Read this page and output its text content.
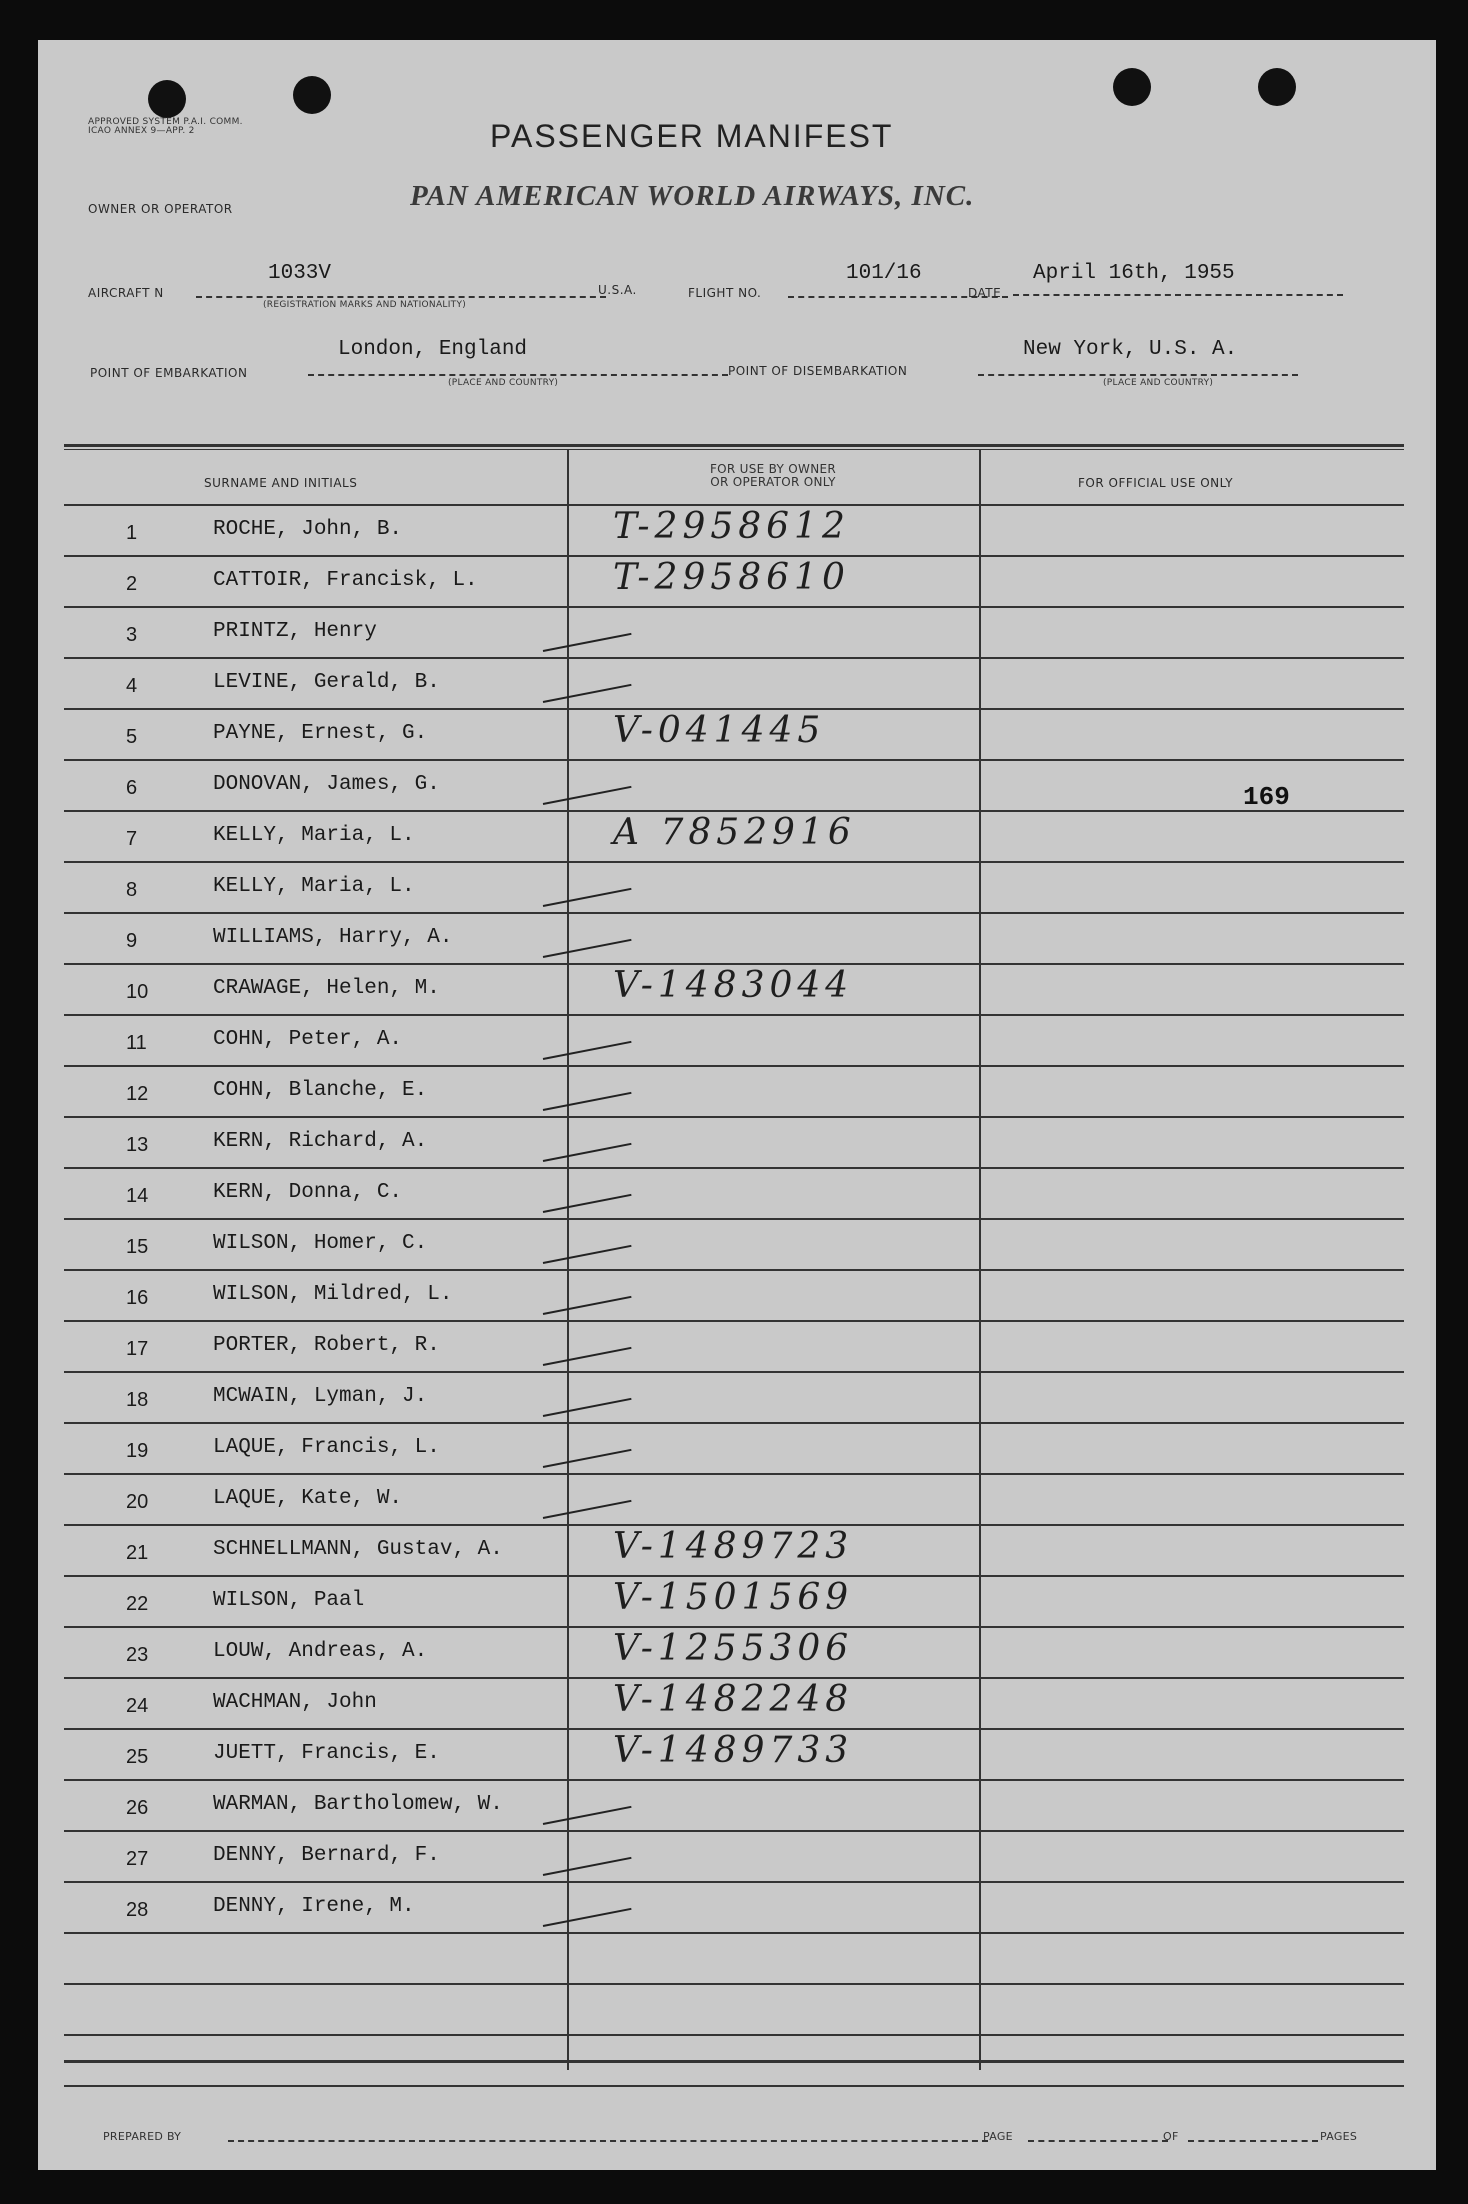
APPROVED SYSTEM P.A.I. COMM. ICAO ANNEX 9—APP. 2	PASSENGER MANIFEST
OWNER OR OPERATOR	PAN AMERICAN WORLD AIRWAYS, INC.
AIRCRAFT N
1033V
(REGISTRATION MARKS AND NATIONALITY)
U.S.A.	FLIGHT NO.
101/16
DATE
April 16th, 1955
POINT OF EMBARKATION
London, England
(PLACE AND COUNTRY)
POINT OF DISEMBARKATION
New York, U.S. A.
(PLACE AND COUNTRY)
SURNAME AND INITIALS
FOR USE BY OWNER
OR OPERATOR ONLY	FOR OFFICIAL USE ONLY
1	ROCHE, John, B.	T-2958612
2	CATTOIR, Francisk, L.	T-2958610
3	PRINTZ, Henry
4	LEVINE, Gerald, B.
5	PAYNE, Ernest, G.	V-041445
6	DONOVAN, James, G.
7	KELLY, Maria, L.	A 7852916
8	KELLY, Maria, L.
9	WILLIAMS, Harry, A.
10	CRAWAGE, Helen, M.	V-1483044
11	COHN, Peter, A.
12	COHN, Blanche, E.
13	KERN, Richard, A.
14	KERN, Donna, C.
15	WILSON, Homer, C.
16	WILSON, Mildred, L.
17	PORTER, Robert, R.
18	MCWAIN, Lyman, J.
19	LAQUE, Francis, L.
20	LAQUE, Kate, W.
21	SCHNELLMANN, Gustav, A.	V-1489723
22	WILSON, Paal	V-1501569
23	LOUW, Andreas, A.	V-1255306
24	WACHMAN, John	V-1482248
25	JUETT, Francis, E.	V-1489733
26	WARMAN, Bartholomew, W.
27	DENNY, Bernard, F.
28	DENNY, Irene, M.
169
PREPARED BY	PAGE	OF	PAGES
